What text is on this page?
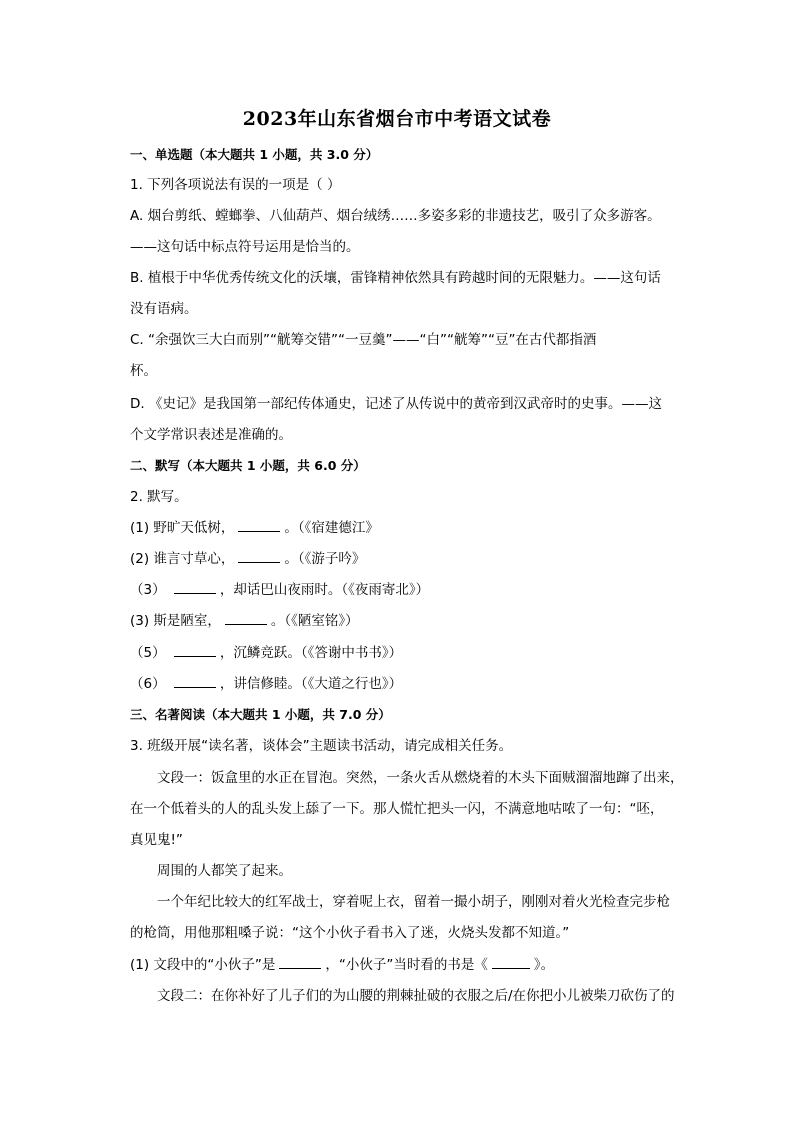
2023年山东省烟台市中考语文试卷
一、单选题（本大题共 1 小题，共 3.0 分）
1. 下列各项说法有误的一项是（ ）
A. 烟台剪纸、螳螂拳、八仙葫芦、烟台绒绣……多姿多彩的非遗技艺，吸引了众多游客。
——这句话中标点符号运用是恰当的。
B. 植根于中华优秀传统文化的沃壤，雷锋精神依然具有跨越时间的无限魅力。——这句话
没有语病。
C. “余强饮三大白而别”“觥筹交错”“一豆羹”——“白”“觥筹”“豆”在古代都指酒
杯。
D. 《史记》是我国第一部纪传体通史，记述了从传说中的黄帝到汉武帝时的史事。——这
个文学常识表述是准确的。
二、默写（本大题共 1 小题，共 6.0 分）
2. 默写。
(1) 野旷天低树，	。（《宿建德江》
(2) 谁言寸草心，	。（《游子吟》
（3）	，却话巴山夜雨时。（《夜雨寄北》）
(3) 斯是陋室，	。（《陋室铭》）
（5）	，沉鳞竞跃。（《答谢中书书》）
（6）	，讲信修睦。（《大道之行也》）
三、名著阅读（本大题共 1 小题，共 7.0 分）
3. 班级开展“读名著，谈体会”主题读书活动，请完成相关任务。
文段一：饭盒里的水正在冒泡。突然，一条火舌从燃烧着的木头下面贼溜溜地蹿了出来，
在一个低着头的人的乱头发上舔了一下。那人慌忙把头一闪，不满意地咕哝了一句：“呸，
真见鬼!”
周围的人都笑了起来。
一个年纪比较大的红军战士，穿着呢上衣，留着一撮小胡子，刚刚对着火光检查完步枪
的枪筒，用他那粗嗓子说：“这个小伙子看书入了迷，火烧头发都不知道。”
(1) 文段中的“小伙子”是	，“小伙子”当时看的书是《	》。
文段二：在你补好了儿子们的为山腰的荆棘扯破的衣服之后/在你把小儿被柴刀砍伤了的
